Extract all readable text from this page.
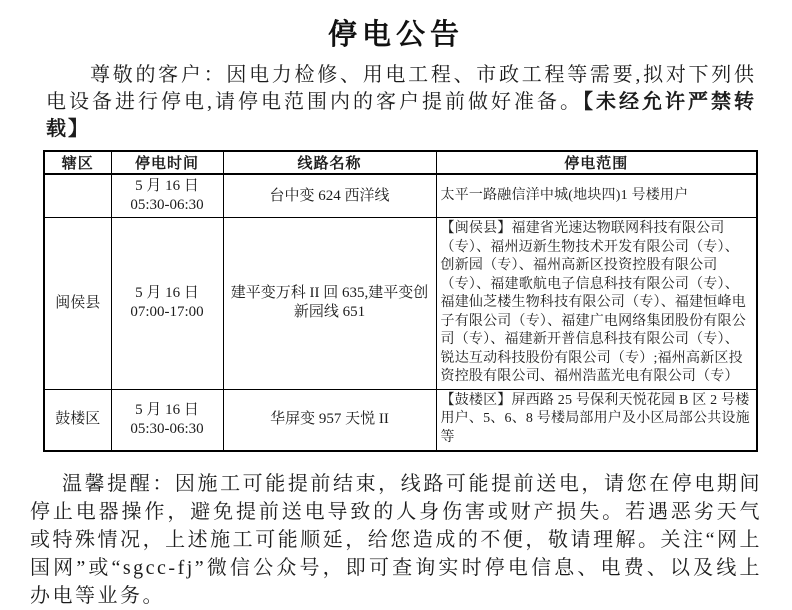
停电公告

尊敬的客户：因电力检修、用电工程、市政工程等需要,拟对下列供电设备进行停电,请停电范围内的客户提前做好准备。【未经允许严禁转载】

辖区	停电时间	线路名称	停电范围

	5 月 16 日
05:30-06:30	台中变 624 西洋线	太平一路融信洋中城(地块四)1 号楼用户
闽侯县	5 月 16 日
07:00-17:00	建平变万科 II 回 635,建平变创新园线 651	【闽侯县】福建省光速达物联网科技有限公司（专）、福州迈新生物技术开发有限公司（专）、创新园（专）、福州高新区投资控股有限公司（专）、福建歌航电子信息科技有限公司（专）、福建仙芝楼生物科技有限公司（专）、福建恒峰电子有限公司（专）、福建广电网络集团股份有限公司（专）、福建新开普信息科技有限公司（专）、锐达互动科技股份有限公司（专）;福州高新区投资控股有限公司、福州浩蓝光电有限公司（专）
鼓楼区	5 月 16 日
05:30-06:30	华屏变 957 天悦 II	【鼓楼区】屏西路 25 号保利天悦花园 B 区 2 号楼用户、5、6、8 号楼局部用户及小区局部公共设施等

温馨提醒：因施工可能提前结束，线路可能提前送电，请您在停电期间停止电器操作，避免提前送电导致的人身伤害或财产损失。若遇恶劣天气或特殊情况，上述施工可能顺延，给您造成的不便，敬请理解。关注“网上国网”或“sgcc-fj”微信公众号，即可查询实时停电信息、电费、以及线上办电等业务。
